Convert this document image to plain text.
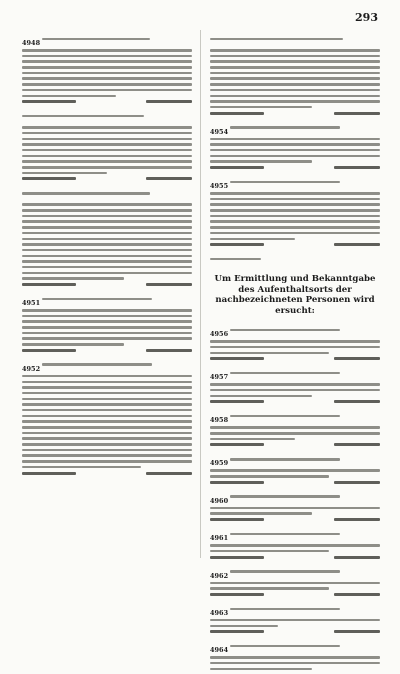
293
4948
4951
4952
4954
4955
Um Ermittlung und Bekanntgabe des Aufenthaltsorts der nachbezeichneten Personen wird ersucht:
4956
4957
4958
4959
4960
4961
4962
4963
4964
